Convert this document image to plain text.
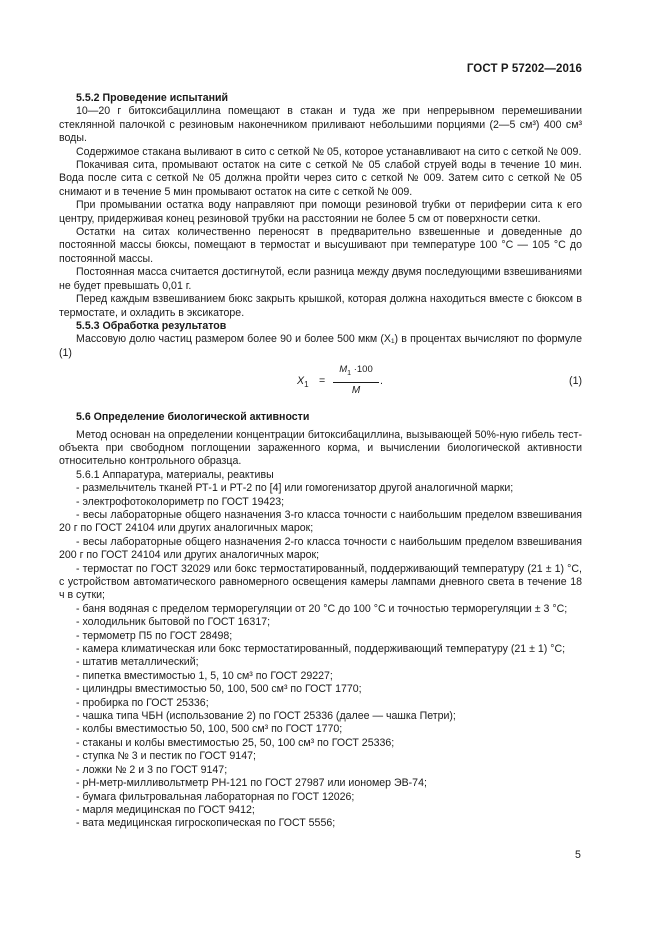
ГОСТ Р 57202—2016

5.5.2 Проведение испытаний

10—20 г битоксибациллина помещают в стакан и туда же при непрерывном перемешивании стеклянной палочкой с резиновым наконечником приливают небольшими порциями (2—5 см³) 400 см³ воды.

Содержимое стакана выливают в сито с сеткой № 05, которое устанавливают на сито с сеткой № 009.

Покачивая сита, промывают остаток на сите с сеткой № 05 слабой струей воды в течение 10 мин. Вода после сита с сеткой № 05 должна пройти через сито с сеткой № 009. Затем сито с сеткой № 05 снимают и в течение 5 мин промывают остаток на сите с сеткой № 009.

При промывании остатка воду направляют при помощи резиновой trубки от периферии сита к его центру, придерживая конец резиновой трубки на расстоянии не более 5 см от поверхности сетки.

Остатки на ситах количественно переносят в предварительно взвешенные и доведенные до постоянной массы бюксы, помещают в термостат и высушивают при температуре 100 °C — 105 °C до постоянной массы.

Постоянная масса считается достигнутой, если разница между двумя последующими взвешиваниями не будет превышать 0,01 г.

Перед каждым взвешиванием бюкс закрыть крышкой, которая должна находиться вместе с бюксом в термостате, и охладить в эксикаторе.

5.5.3 Обработка результатов

Массовую долю частиц размером более 90 и более 500 мкм (X₁) в процентах вычисляют по формуле (1)

$X_1$ =
$M_1 \cdot 100$
M
.	(1)

5.6 Определение биологической активности

Метод основан на определении концентрации битоксибациллина, вызывающей 50%-ную гибель тест-объекта при свободном поглощении зараженного корма, и вычислении биологической активности относительно контрольного образца.

5.6.1 Аппаратура, материалы, реактивы

- размельчитель тканей РТ-1 и РТ-2 по [4] или гомогенизатор другой аналогичной марки;

- электрофотоколориметр по ГОСТ 19423;

- весы лабораторные общего назначения 3-го класса точности с наибольшим пределом взвешивания 20 г по ГОСТ 24104 или других аналогичных марок;

- весы лабораторные общего назначения 2-го класса точности с наибольшим пределом взвешивания 200 г по ГОСТ 24104 или других аналогичных марок;

- термостат по ГОСТ 32029 или бокс термостатированный, поддерживающий температуру (21 ± 1) °C, с устройством автоматического равномерного освещения камеры лампами дневного света в течение 18 ч в сутки;

- баня водяная с пределом терморегуляции от 20 °C до 100 °C и точностью терморегуляции ± 3 °C;

- холодильник бытовой по ГОСТ 16317;

- термометр П5 по ГОСТ 28498;

- камера климатическая или бокс термостатированный, поддерживающий температуру (21 ± 1) °C;

- штатив металлический;

- пипетка вместимостью 1, 5, 10 см³ по ГОСТ 29227;

- цилиндры вместимостью 50, 100, 500 см³ по ГОСТ 1770;

- пробирка по ГОСТ 25336;

- чашка типа ЧБН (использование 2) по ГОСТ 25336 (далее — чашка Петри);

- колбы вместимостью 50, 100, 500 см³ по ГОСТ 1770;

- стаканы и колбы вместимостью 25, 50, 100 см³ по ГОСТ 25336;

- ступка № 3 и пестик по ГОСТ 9147;

- ложки № 2 и 3 по ГОСТ 9147;

- рН-метр-милливольтметр РН-121 по ГОСТ 27987 или иономер ЭВ-74;

- бумага фильтровальная лабораторная по ГОСТ 12026;

- марля медицинская по ГОСТ 9412;

- вата медицинская гигроскопическая по ГОСТ 5556;

5
